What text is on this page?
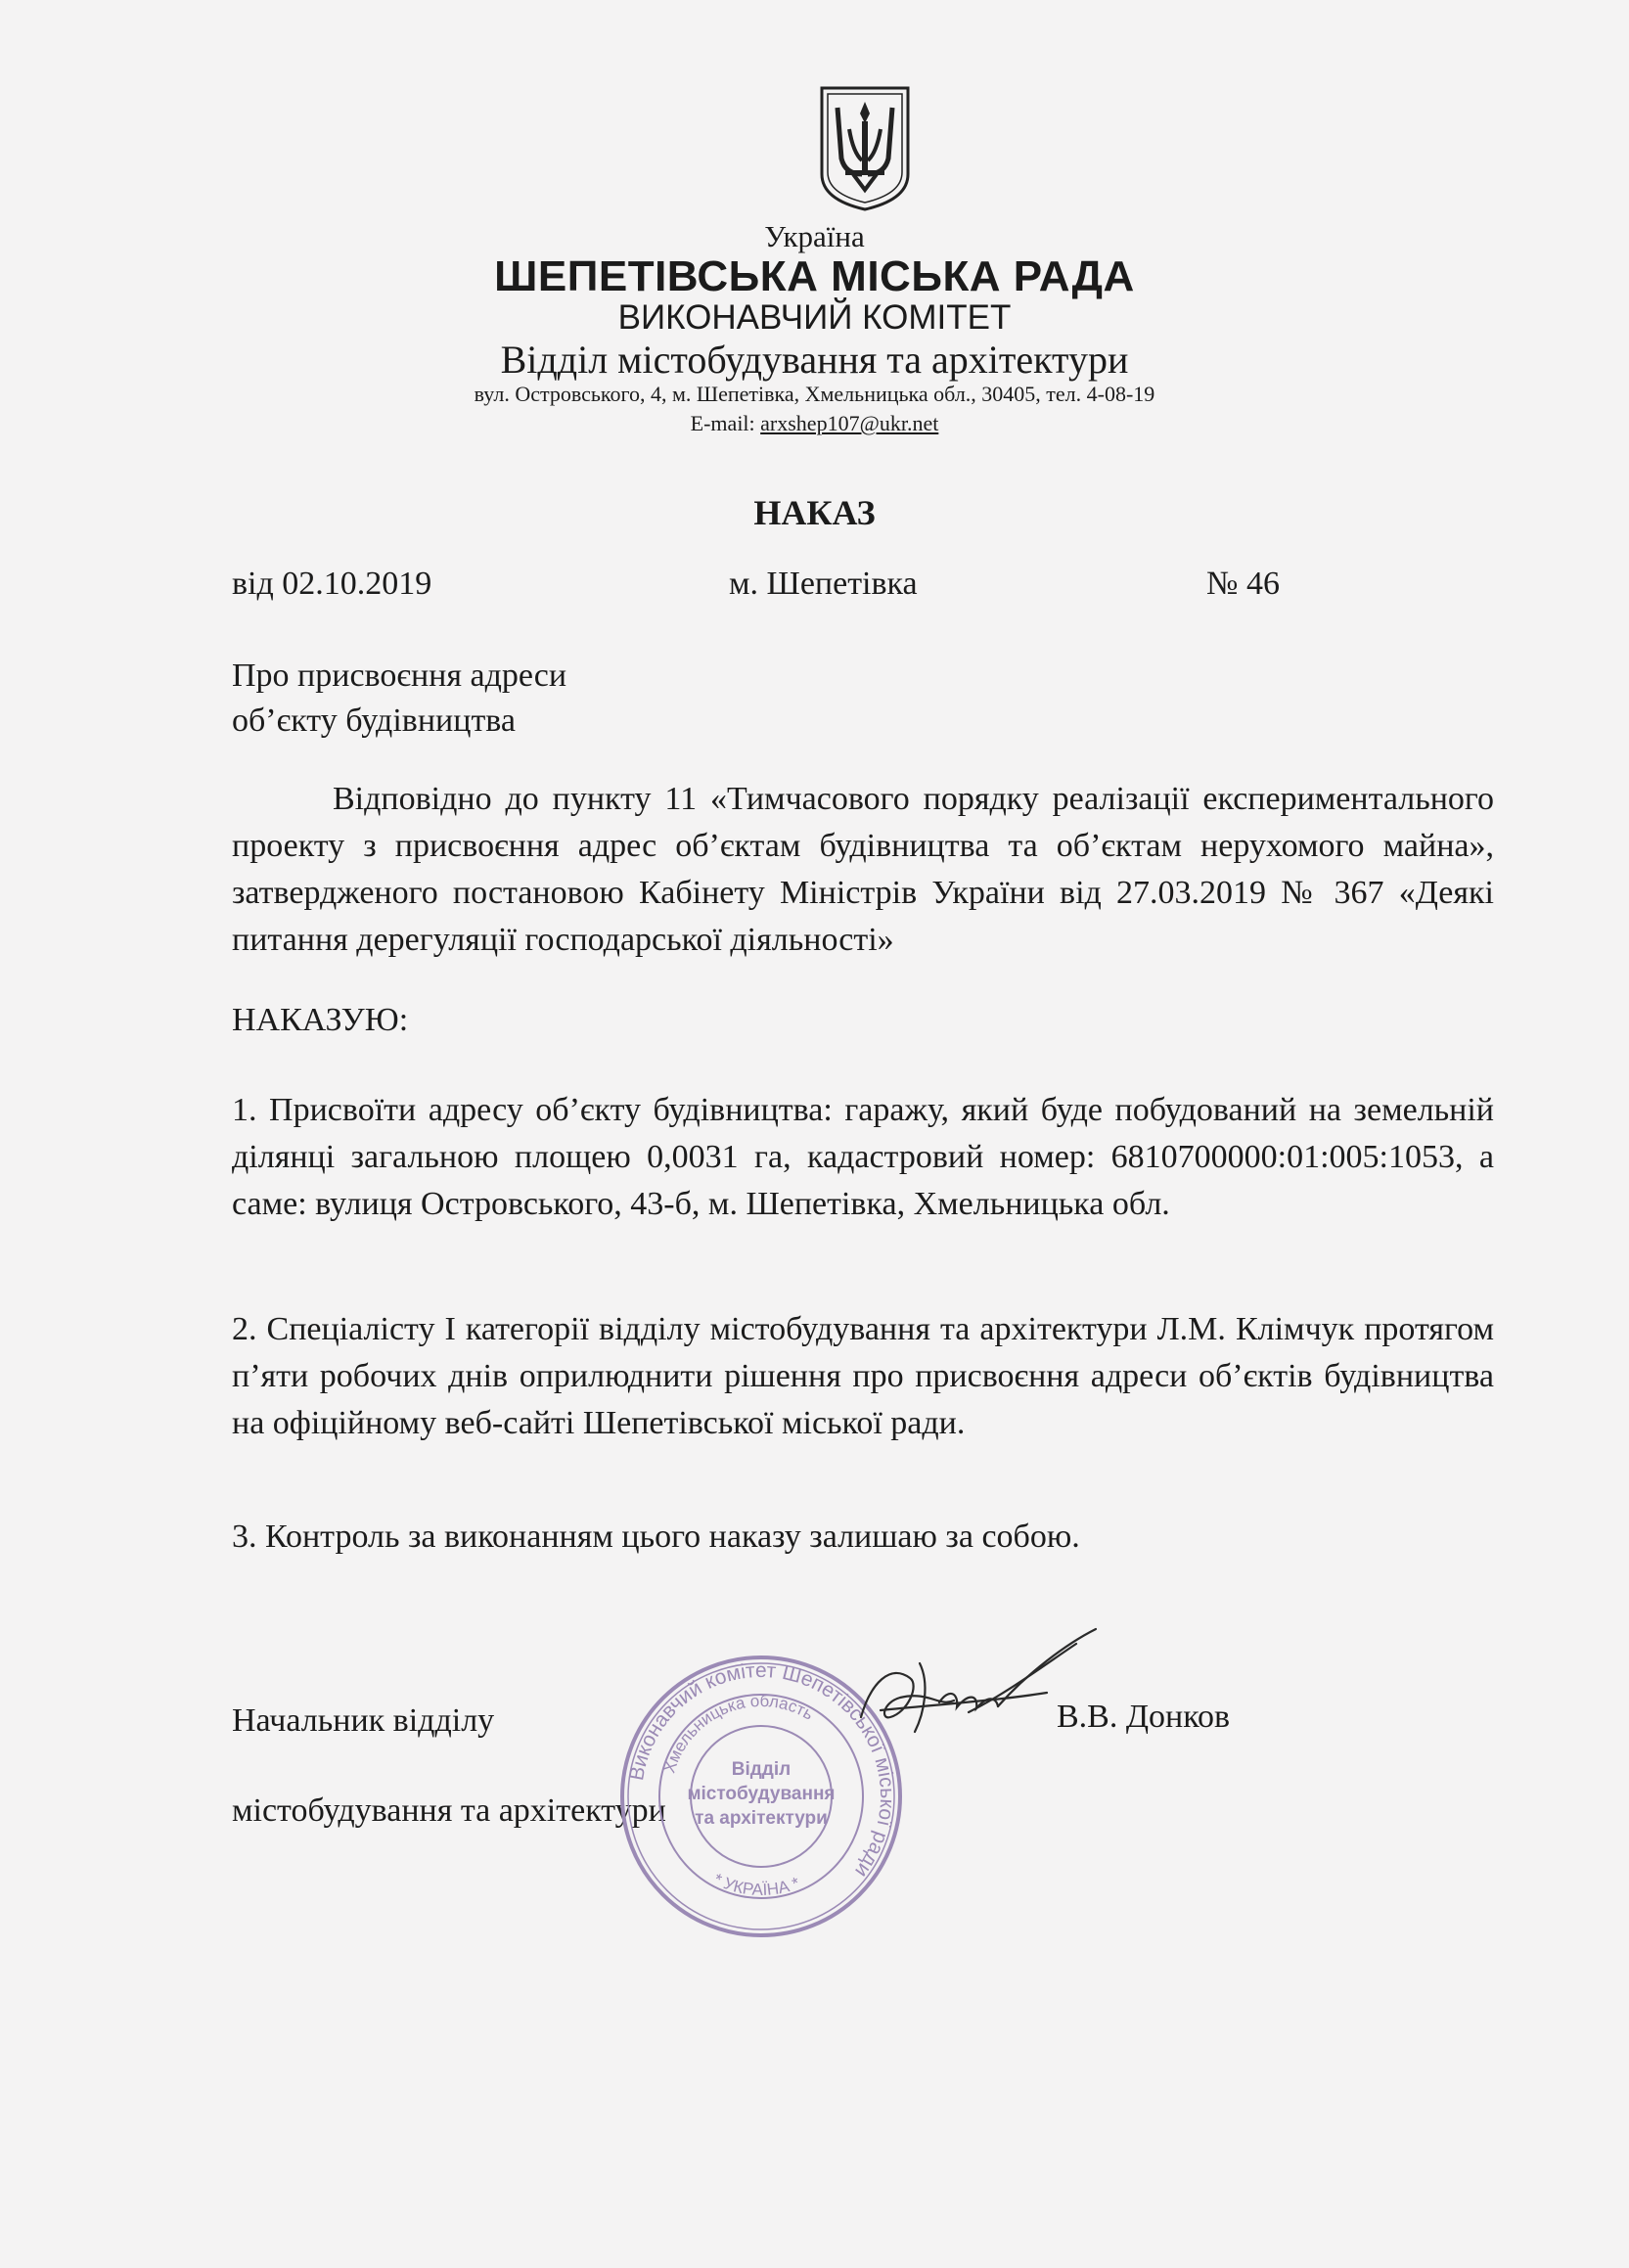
Україна
ШЕПЕТІВСЬКА МІСЬКА РАДА
ВИКОНАВЧИЙ КОМІТЕТ
Відділ містобудування та архітектури
вул. Островського, 4, м. Шепетівка, Хмельницька обл., 30405, тел. 4-08-19
E-mail: arxshep107@ukr.net
НАКАЗ
від 02.10.2019	м. Шепетівка	№ 46
Про присвоєння адреси
об’єкту будівництва
Відповідно до пункту 11 «Тимчасового порядку реалізації експериментального проекту з присвоєння адрес об’єктам будівництва та об’єктам нерухомого майна», затвердженого постановою Кабінету Міністрів України від 27.03.2019 № 367 «Деякі питання дерегуляції господарської діяльності»
НАКАЗУЮ:
1. Присвоїти адресу об’єкту будівництва: гаражу, який буде побудований на земельній ділянці загальною площею 0,0031 га, кадастровий номер: 6810700000:01:005:1053, а саме: вулиця Островського, 43-б, м. Шепетівка, Хмельницька обл.
2. Спеціалісту І категорії відділу містобудування та архітектури Л.М. Клімчук протягом п’яти робочих днів оприлюднити рішення про присвоєння адреси об’єктів будівництва на офіційному веб-сайті Шепетівської міської ради.
3. Контроль за виконанням цього наказу залишаю за собою.

Начальник відділу

містобудування та архітектури

В.В. Донков
Виконавчий комітет Шепетівської міської ради
Хмельницька область
* УКРАЇНА *
Відділ
містобудування
та архітектури
